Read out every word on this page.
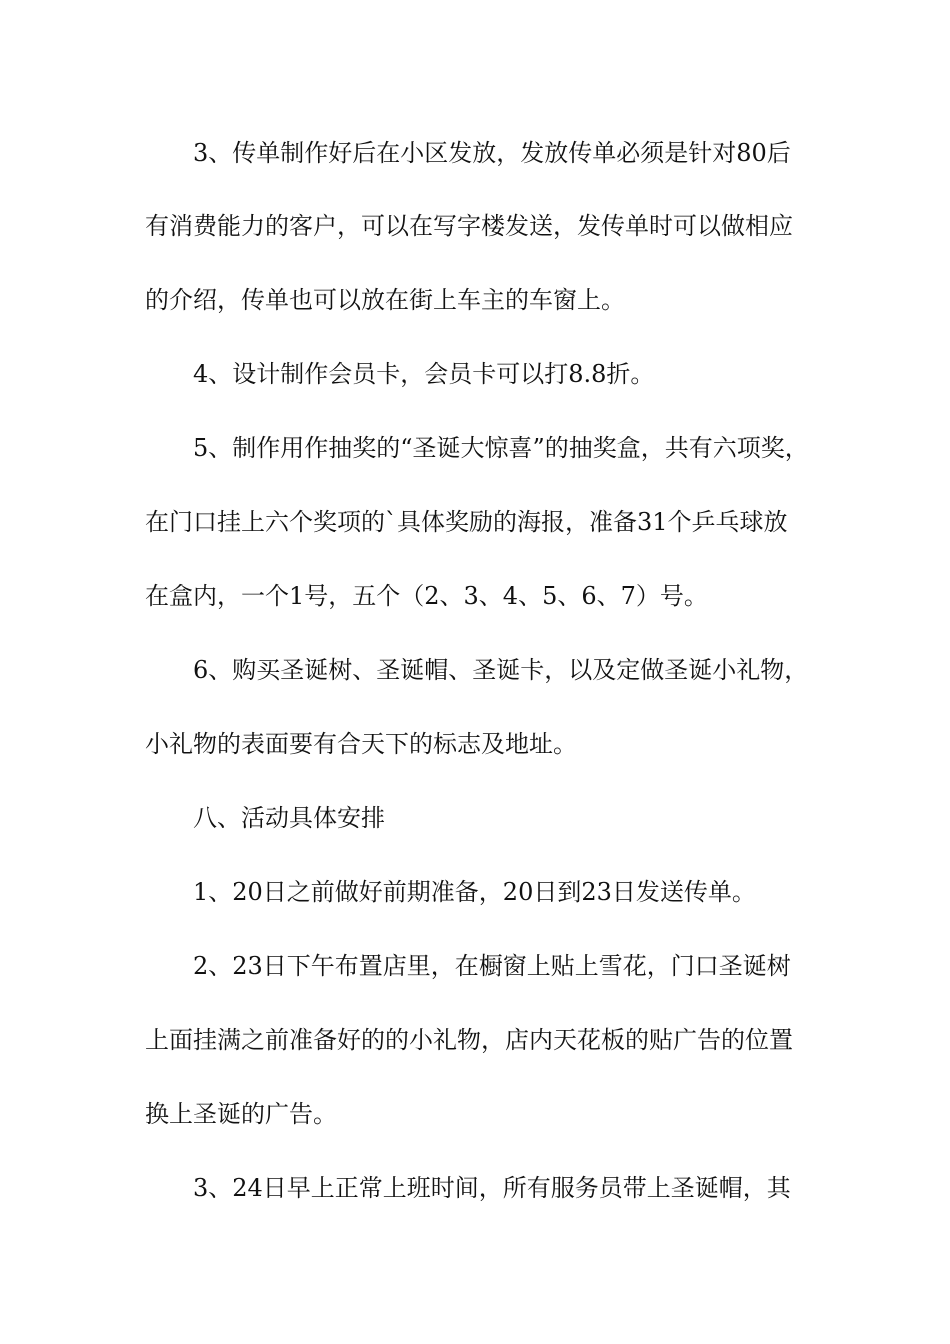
3、传单制作好后在小区发放，发放传单必须是针对80后
有消费能力的客户，可以在写字楼发送，发传单时可以做相应
的介绍，传单也可以放在街上车主的车窗上。
4、设计制作会员卡，会员卡可以打8.8折。
5、制作用作抽奖的“圣诞大惊喜”的抽奖盒，共有六项奖，
在门口挂上六个奖项的`具体奖励的海报，准备31个乒乓球放
在盒内，一个1号，五个（2、3、4、5、6、7）号。
6、购买圣诞树、圣诞帽、圣诞卡，以及定做圣诞小礼物，
小礼物的表面要有合天下的标志及地址。
八、活动具体安排
1、20日之前做好前期准备，20日到23日发送传单。
2、23日下午布置店里，在橱窗上贴上雪花，门口圣诞树
上面挂满之前准备好的的小礼物，店内天花板的贴广告的位置
换上圣诞的广告。
3、24日早上正常上班时间，所有服务员带上圣诞帽，其
